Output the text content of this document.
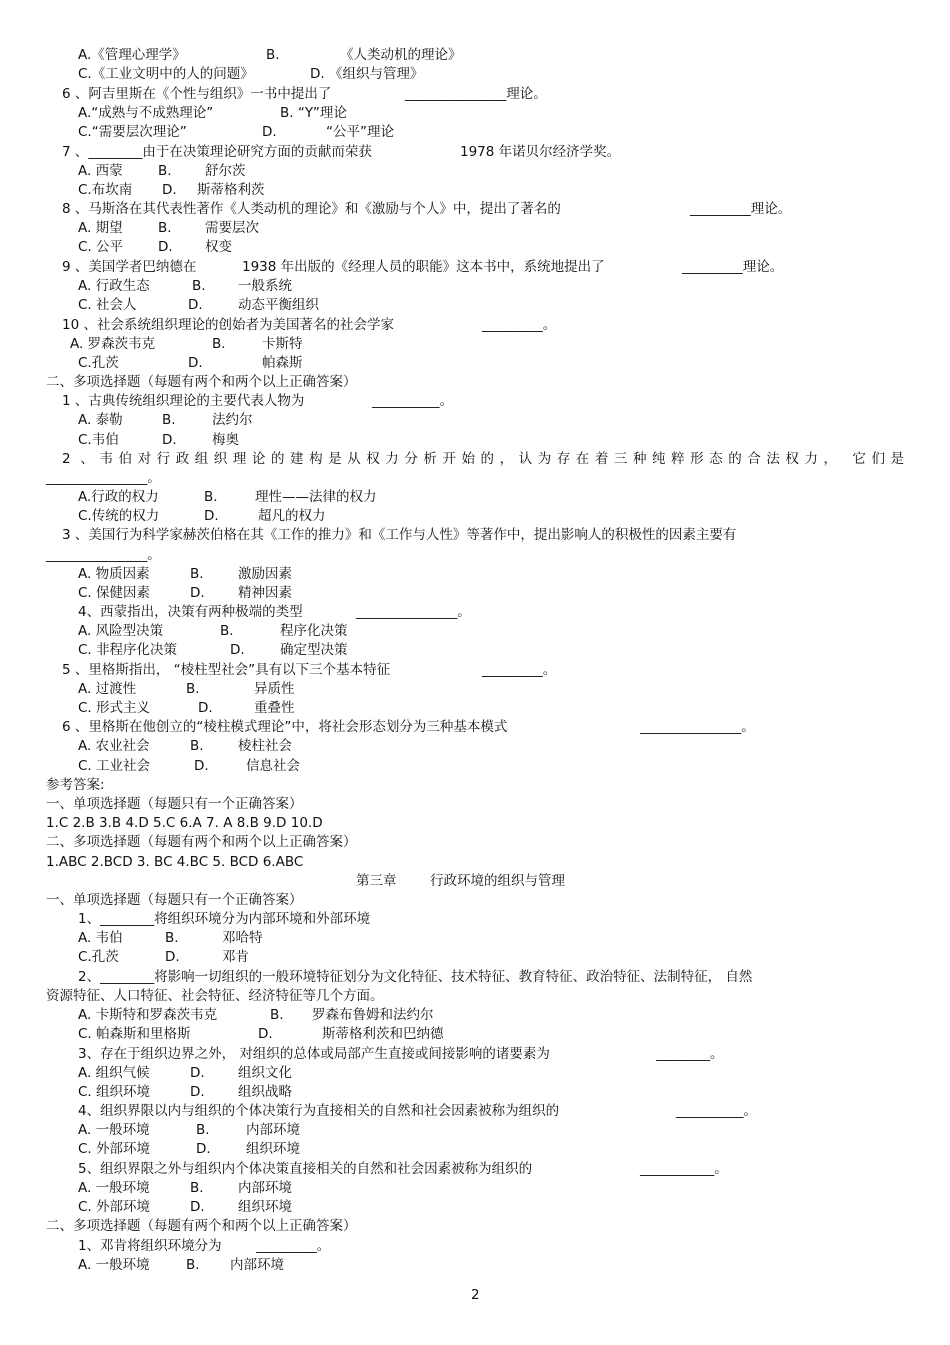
A.《管理心理学》	B.	《人类动机的理论》
C.《工业文明中的人的问题》	D. 《组织与管理》
6 、阿吉里斯在《个性与组织》一书中提出了	_______________理论。
A.“成熟与不成熟理论”	B. “Y”理论
C.“需要层次理论”	D.	“公平”理论
7 、________由于在决策理论研究方面的贡献而荣获	1978 年诺贝尔经济学奖。
A. 西蒙	B. 舒尔茨
C.布坎南 D. 斯蒂格利茨
8 、马斯洛在其代表性著作《人类动机的理论》和《激励与个人》中，提出了著名的	_________理论。
A. 期望	B. 需要层次
C. 公平	D. 权变
9 、美国学者巴纳德在	1938 年出版的《经理人员的职能》这本书中，系统地提出了	_________理论。
A. 行政生态	B. 一般系统
C. 社会人	D.	动态平衡组织
10 、社会系统组织理论的创始者为美国著名的社会学家	_________。
A. 罗森茨韦克	B.	卡斯特
C.孔茨	D.	帕森斯
二、多项选择题（每题有两个和两个以上正确答案）
1 、古典传统组织理论的主要代表人物为	__________。
A. 泰勒	B.	法约尔
C.韦伯	D.	梅奥
2 、韦伯对行政组织理论的建构是从权力分析开始的，认为存在着三种纯粹形态的合法权力， 它们是
_______________。
A.行政的权力	B.	理性——法律的权力
C.传统的权力	D.	超凡的权力
3 、美国行为科学家赫茨伯格在其《工作的推力》和《工作与人性》等著作中，提出影响人的积极性的因素主要有
_______________。
A. 物质因素	B.	激励因素
C. 保健因素	D. 精神因素
4、西蒙指出，决策有两种极端的类型	_______________。
A. 风险型决策	B.	程序化决策
C. 非程序化决策	D.	确定型决策
5 、里格斯指出， “棱柱型社会”具有以下三个基本特征	_________。
A. 过渡性	B.	异质性
C. 形式主义	D.	重叠性
6 、里格斯在他创立的“棱柱模式理论”中，将社会形态划分为三种基本模式	_______________。
A. 农业社会	B.	棱柱社会
C. 工业社会	D.	信息社会
参考答案:
一、单项选择题（每题只有一个正确答案）
1.C 2.B 3.B 4.D 5.C 6.A 7. A 8.B 9.D 10.D
二、多项选择题（每题有两个和两个以上正确答案）
1.ABC 2.BCD 3. BC 4.BC 5. BCD 6.ABC
第三章 行政环境的组织与管理
一、单项选择题（每题只有一个正确答案）
1、________将组织环境分为内部环境和外部环境
A. 韦伯	B.	邓哈特
C.孔茨	D.	邓肯
2、________将影响一切组织的一般环境特征划分为文化特征、技术特征、教育特征、政治特征、法制特征， 自然
资源特征、人口特征、社会特征、经济特征等几个方面。
A. 卡斯特和罗森茨韦克	B. 罗森布鲁姆和法约尔
C. 帕森斯和里格斯	D.	斯蒂格利茨和巴纳德
3、存在于组织边界之外， 对组织的总体或局部产生直接或间接影响的诸要素为	________。
A. 组织气候	D. 组织文化
C. 组织环境	D. 组织战略
4、组织界限以内与组织的个体决策行为直接相关的自然和社会因素被称为组织的	__________。
A. 一般环境	B.	内部环境
C. 外部环境	D.	组织环境
5、组织界限之外与组织内个体决策直接相关的自然和社会因素被称为组织的	___________。
A. 一般环境	B.	内部环境
C. 外部环境	D. 组织环境
二、多项选择题（每题有两个和两个以上正确答案）
1、邓肯将组织环境分为	_________。
A. 一般环境	B. 内部环境
2
